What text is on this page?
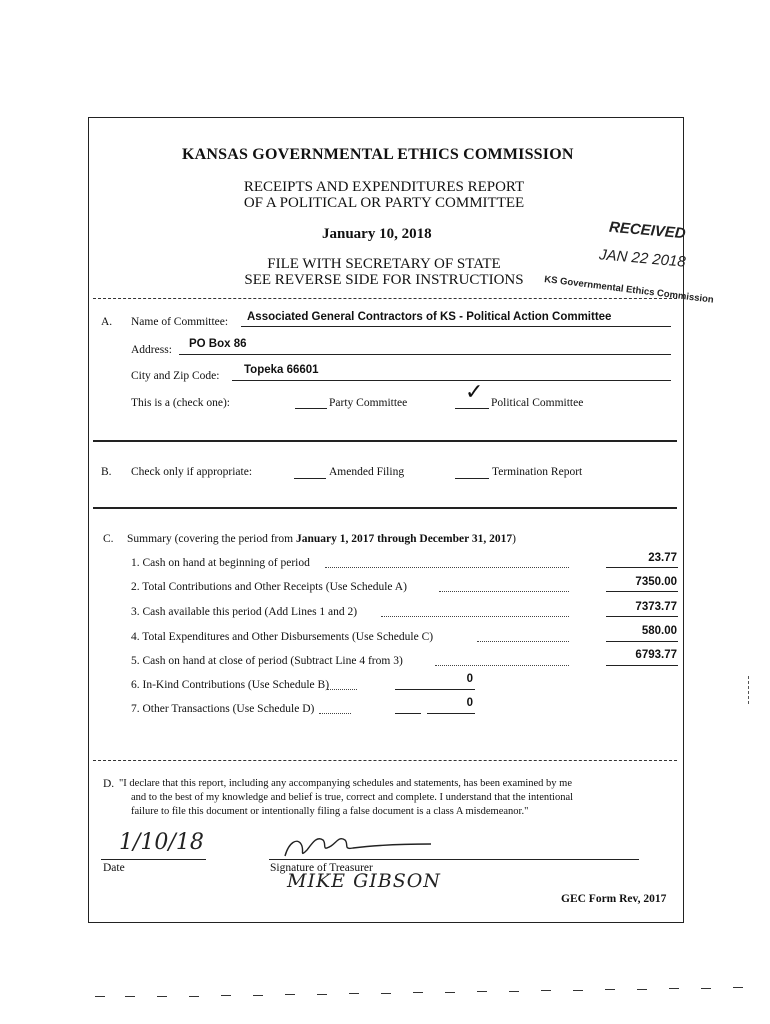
KANSAS GOVERNMENTAL ETHICS COMMISSION
RECEIPTS AND EXPENDITURES REPORT
OF A POLITICAL OR PARTY COMMITTEE
January 10, 2018
FILE WITH SECRETARY OF STATE
SEE REVERSE SIDE FOR INSTRUCTIONS
RECEIVED
JAN 22 2018
KS Governmental Ethics Commission
A. Name of Committee: Associated General Contractors of KS - Political Action Committee
Address: PO Box 86
City and Zip Code: Topeka 66601
This is a (check one):	Party Committee	✓ Political Committee
B. Check only if appropriate:	Amended Filing	Termination Report
C. Summary (covering the period from January 1, 2017 through December 31, 2017)
1. Cash on hand at beginning of period	23.77
2. Total Contributions and Other Receipts (Use Schedule A)	7350.00
3. Cash available this period (Add Lines 1 and 2)	7373.77
4. Total Expenditures and Other Disbursements (Use Schedule C)	580.00
5. Cash on hand at close of period (Subtract Line 4 from 3)	6793.77
6. In-Kind Contributions (Use Schedule B)	0
7. Other Transactions (Use Schedule D)	0
D. "I declare that this report, including any accompanying schedules and statements, has been examined by me
and to the best of my knowledge and belief is true, correct and complete. I understand that the intentional
failure to file this document or intentionally filing a false document is a class A misdemeanor."
1/10/18
Date	Signature of Treasurer
MIKE GIBSON
GEC Form Rev, 2017
